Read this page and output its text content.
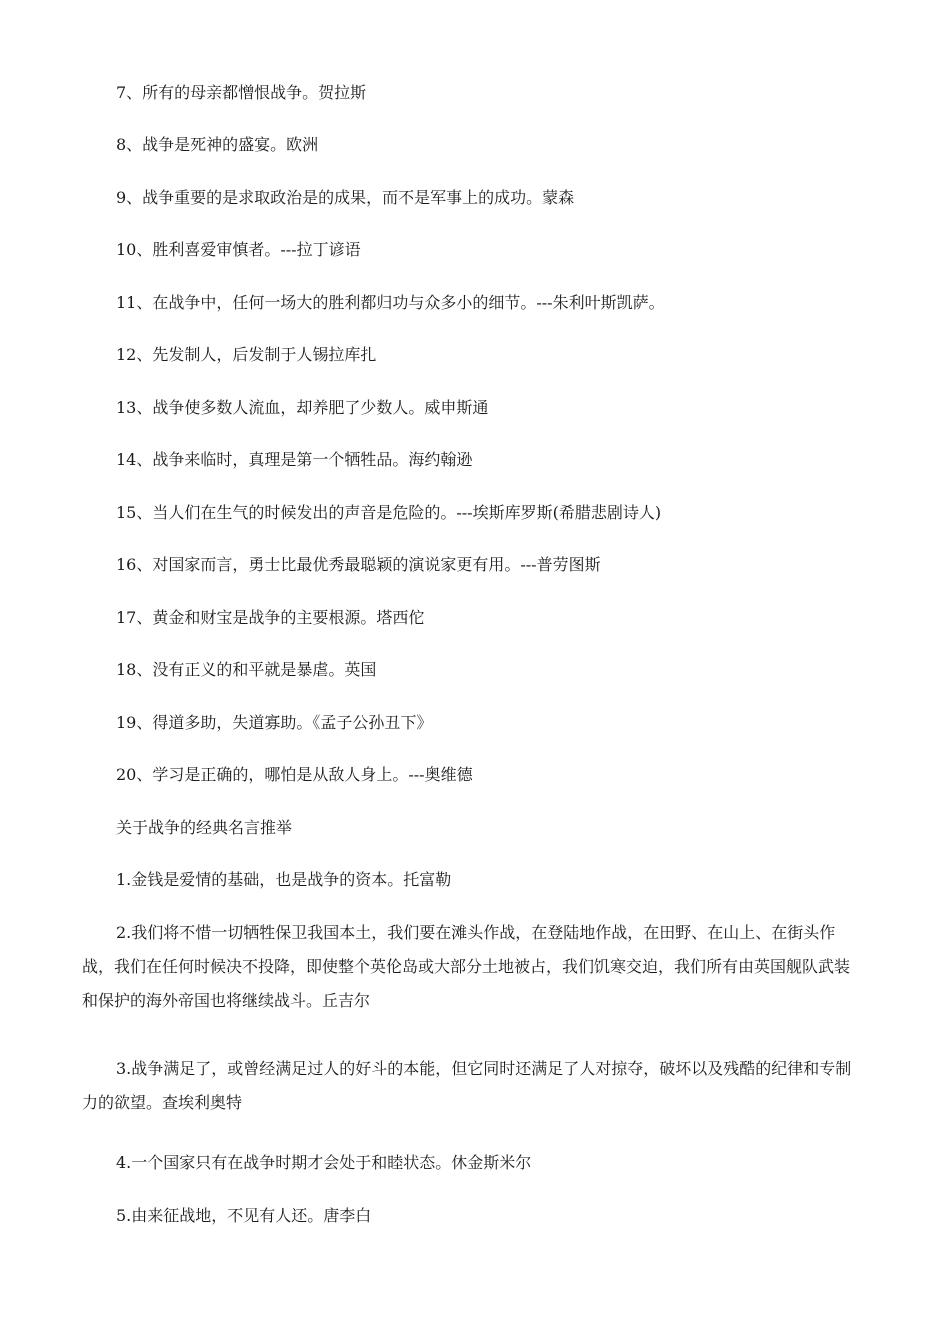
7、所有的母亲都憎恨战争。贺拉斯
8、战争是死神的盛宴。欧洲
9、战争重要的是求取政治是的成果，而不是军事上的成功。蒙森
10、胜利喜爱审慎者。---拉丁谚语
11、在战争中，任何一场大的胜利都归功与众多小的细节。---朱利叶斯凯萨。
12、先发制人，后发制于人锡拉库扎
13、战争使多数人流血，却养肥了少数人。威申斯通
14、战争来临时，真理是第一个牺牲品。海约翰逊
15、当人们在生气的时候发出的声音是危险的。---埃斯库罗斯(希腊悲剧诗人)
16、对国家而言，勇士比最优秀最聪颖的演说家更有用。---普劳图斯
17、黄金和财宝是战争的主要根源。塔西佗
18、没有正义的和平就是暴虐。英国
19、得道多助，失道寡助。《孟子公孙丑下》
20、学习是正确的，哪怕是从敌人身上。---奥维德
关于战争的经典名言推举
1.金钱是爱情的基础，也是战争的资本。托富勒
2.我们将不惜一切牺牲保卫我国本土，我们要在滩头作战，在登陆地作战，在田野、在山上、在街头作战，我们在任何时候决不投降，即使整个英伦岛或大部分土地被占，我们饥寒交迫，我们所有由英国舰队武装和保护的海外帝国也将继续战斗。丘吉尔
3.战争满足了，或曾经满足过人的好斗的本能，但它同时还满足了人对掠夺，破坏以及残酷的纪律和专制力的欲望。查埃利奥特
4.一个国家只有在战争时期才会处于和睦状态。休金斯米尔
5.由来征战地，不见有人还。唐李白
